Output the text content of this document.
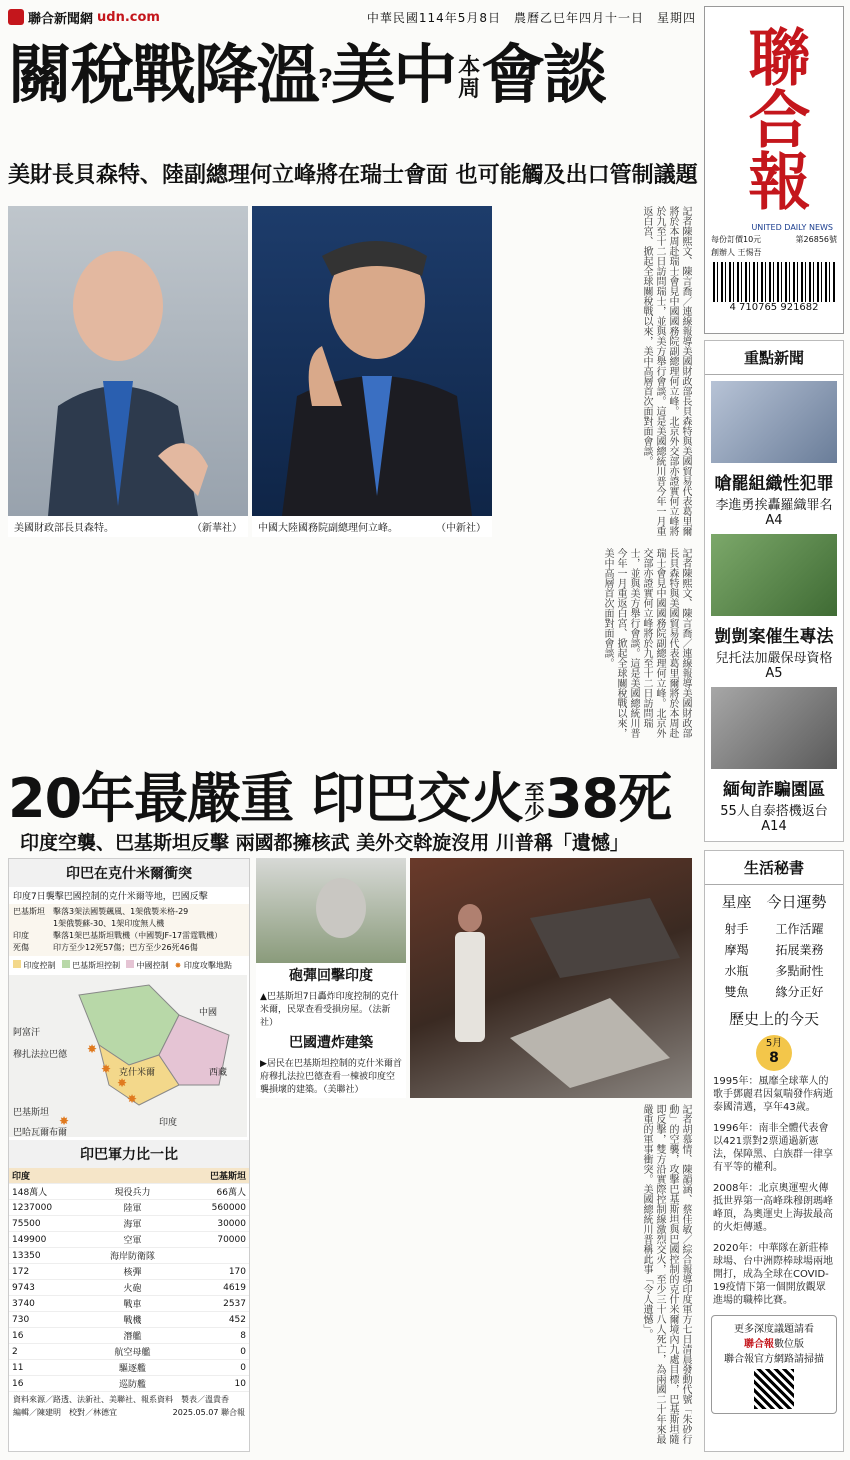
聯合新聞網 udn.com	中華民國114年5月8日　農曆乙巳年四月十一日　星期四
關稅戰降溫?美中 本
周會談
美財長貝森特、陸副總理何立峰將在瑞士會面 也可能觸及出口管制議題
美國財政部長貝森特。	（新華社） 中國大陸國務院副總理何立峰。	（中新社）	記者陳熙文、陳言喬／連線報導美國財政部長貝森特與美國貿易代表葛里爾將於本周赴瑞士會見中國國務院副總理何立峰。北京外交部亦證實何立峰將於九至十二日訪問瑞士，並與美方舉行會談。這是美國總統川普今年一月重返白宮、掀起全球關稅戰以來，美中高層首次面對面會談。
記者陳熙文、陳言喬／連線報導美國財政部長貝森特與美國貿易代表葛里爾將於本周赴瑞士會見中國國務院副總理何立峰。北京外交部亦證實何立峰將於九至十二日訪問瑞士，並與美方舉行會談。這是美國總統川普今年一月重返白宮、掀起全球關稅戰以來，美中高層首次面對面會談。
聯合報
UNITED DAILY NEWS
每份訂價10元	第26856號
創辦人 王惕吾
4 710765 921682
重點新聞
嗆罷組織性犯罪
李進勇挨轟羅織罪名
A4
剴剴案催生專法
兒托法加嚴保母資格
A5
緬甸詐騙園區
55人自泰搭機返台
A14
20年最嚴重 印巴交火至
少38死
印度空襲、巴基斯坦反擊 兩國都擁核武 美外交斡旋沒用 川普稱「遺憾」
印巴在克什米爾衝突
印度7日襲擊巴國控制的克什米爾等地，巴國反擊
巴基斯坦　擊落3架法國製飆風、1架俄製米格-29
　　　　　1架俄製蘇-30、1架印度無人機
印度　　　擊落1架巴基斯坦戰機（中國製JF-17雷霆戰機）
死傷　　　印方至少12死57傷；巴方至少26死46傷
印度控制	巴基斯坦控制	中國控制 ✸ 印度攻擊地點
✸
✸
✸
✸
✸
阿富汗
克什米爾
巴基斯坦
印度
穆扎法拉巴德
巴哈瓦爾布爾
中國
西藏
印巴軍力比一比
印度		巴基斯坦
148萬人	現役兵力	66萬人
1237000	陸軍	560000
75500	海軍	30000
149900	空軍	70000
13350	海岸防衛隊	
172	核彈	170
9743	火砲	4619
3740	戰車	2537
730	戰機	452
16	潛艦	8
2	航空母艦	0
11	驅逐艦	0
16	巡防艦	10
資料來源／路透、法新社、美聯社、報系資料　製表／溫貴香
編輯／陳建明　校對／林德宜	2025.05.07 聯合報
砲彈回擊印度
▲巴基斯坦7日轟炸印度控制的克什米爾，民眾查看受損房屋。（法新社）
巴國遭炸建築
▶居民在巴基斯坦控制的克什米爾首府穆扎法拉巴德查看一棟被印度空襲損壞的建築。（美聯社）
記者胡慕情、陳韻涵、蔡佳敏／綜合報導印度軍方七日清晨發動代號「朱砂行動」的空襲，攻擊巴基斯坦與巴國控制的克什米爾境內九處目標，巴基斯坦隨即反擊，雙方沿實際控制線激烈交火，至少三十八人死亡，為兩國二十年來最嚴重的軍事衝突。美國總統川普稱此事「令人遺憾」。
生活秘書
星座　今日運勢
射手 工作活躍
摩羯 拓展業務
水瓶 多點耐性
雙魚 緣分正好
歷史上的今天
5月
8
1995年：風靡全球華人的歌手鄧麗君因氣喘發作病逝泰國清邁，享年43歲。
1996年：南非全體代表會以421票對2票通過新憲法，保障黑、白族群一律享有平等的權利。
2008年：北京奧運聖火傳抵世界第一高峰珠穆朗瑪峰峰頂，為奧運史上海拔最高的火炬傳遞。
2020年：中華隊在新莊棒球場、台中洲際棒球場兩地開打，成為全球在COVID-19疫情下第一個開放觀眾進場的職棒比賽。
更多深度議題請看
聯合報數位版
聯合報官方網路請掃描
